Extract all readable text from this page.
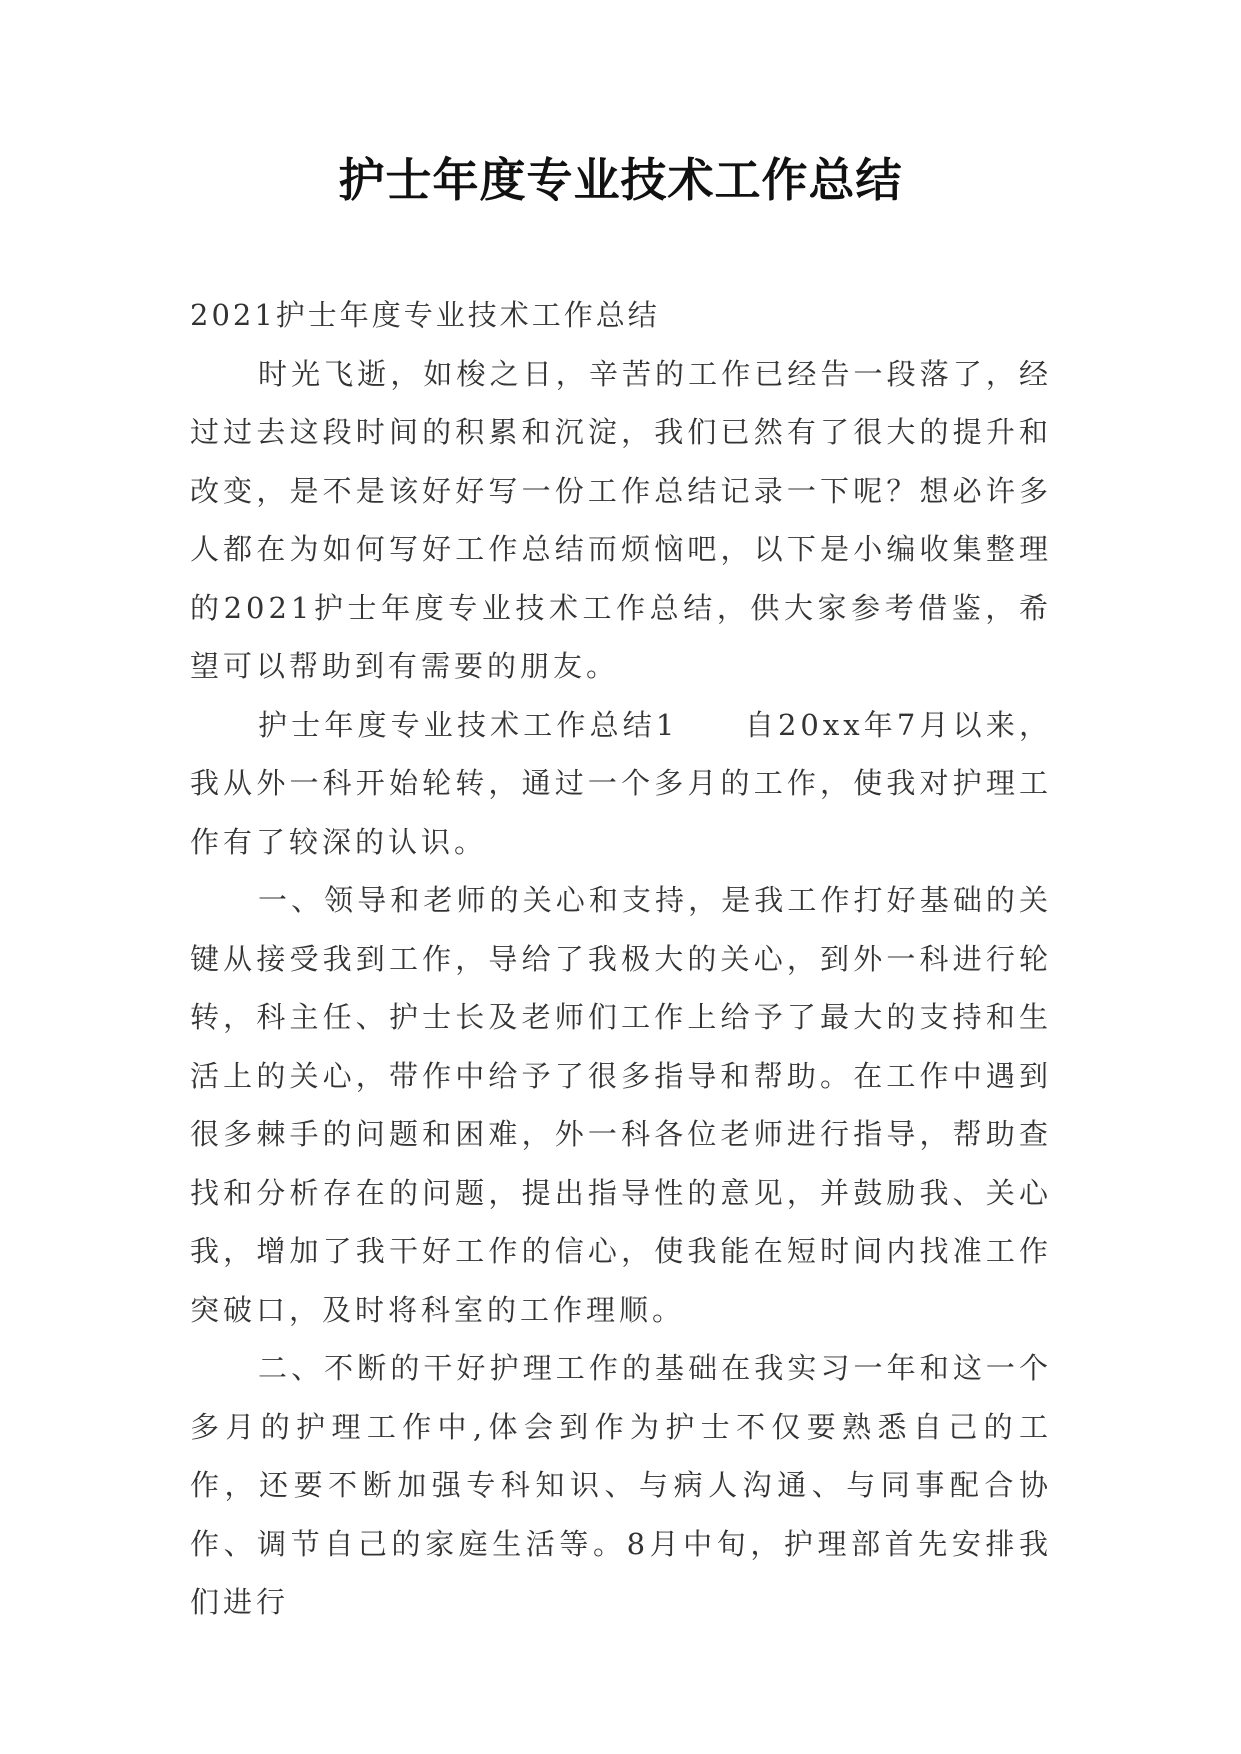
护士年度专业技术工作总结

2021护士年度专业技术工作总结

时光飞逝，如梭之日，辛苦的工作已经告一段落了，经过过去这段时间的积累和沉淀，我们已然有了很大的提升和改变，是不是该好好写一份工作总结记录一下呢？想必许多人都在为如何写好工作总结而烦恼吧，以下是小编收集整理的2021护士年度专业技术工作总结，供大家参考借鉴，希望可以帮助到有需要的朋友。

护士年度专业技术工作总结1　　自20xx年7月以来，我从外一科开始轮转，通过一个多月的工作，使我对护理工作有了较深的认识。

一、领导和老师的关心和支持，是我工作打好基础的关键从接受我到工作，导给了我极大的关心，到外一科进行轮转，科主任、护士长及老师们工作上给予了最大的支持和生活上的关心，带作中给予了很多指导和帮助。在工作中遇到很多棘手的问题和困难，外一科各位老师进行指导，帮助查找和分析存在的问题，提出指导性的意见，并鼓励我、关心我，增加了我干好工作的信心，使我能在短时间内找准工作突破口，及时将科室的工作理顺。

二、不断的干好护理工作的基础在我实习一年和这一个多月的护理工作中,体会到作为护士不仅要熟悉自己的工作，还要不断加强专科知识、与病人沟通、与同事配合协作、调节自己的家庭生活等。8月中旬，护理部首先安排我们进行
